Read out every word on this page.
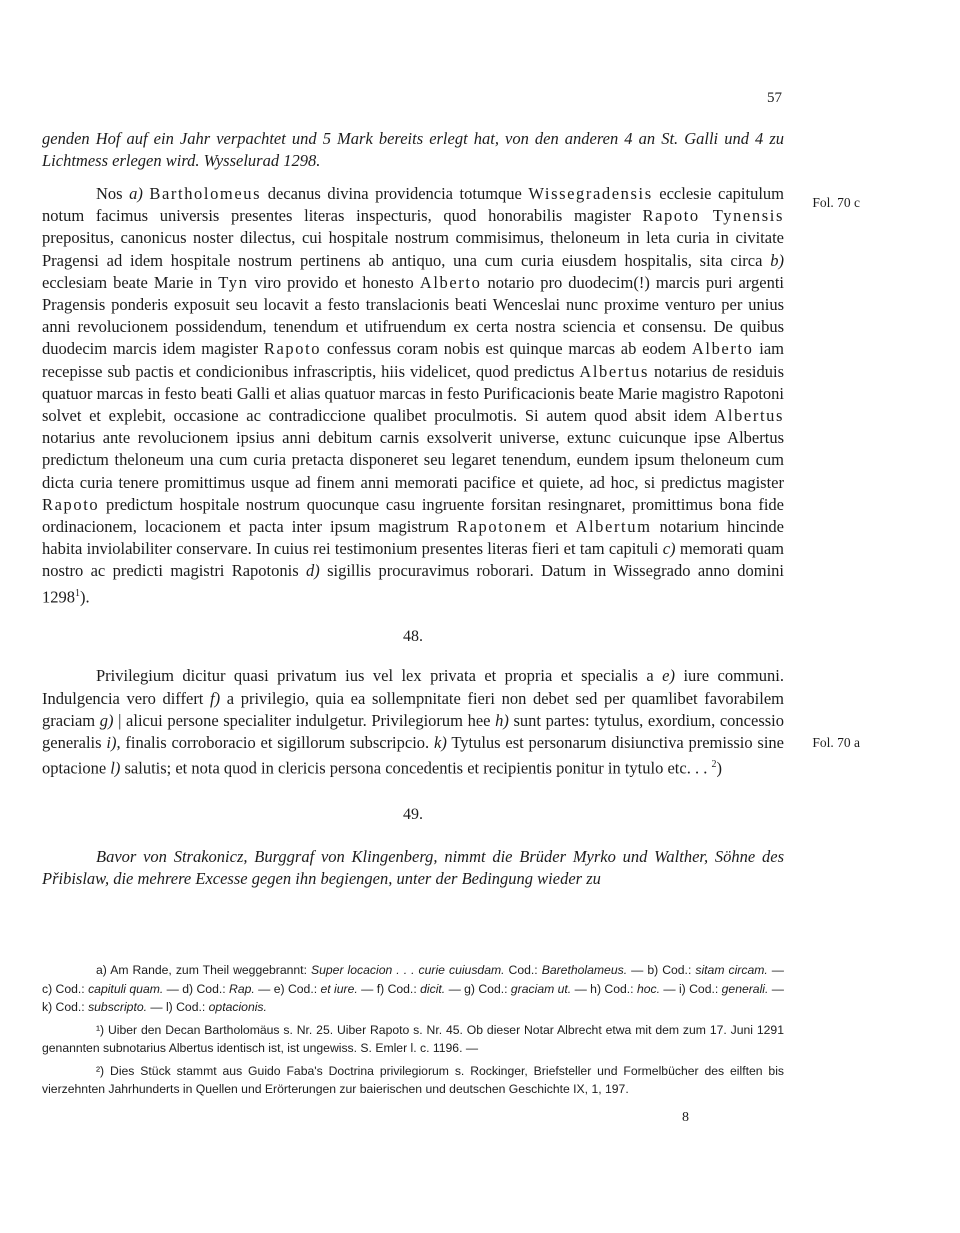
57
Fol. 70 c
Fol. 70 a

genden Hof auf ein Jahr verpachtet und 5 Mark bereits erlegt hat, von den anderen 4 an St. Galli und 4 zu Lichtmess erlegen wird. Wysselurad 1298.

Nos a) Bartholomeus decanus divina providencia totumque Wissegradensis ecclesie capitulum notum facimus universis presentes literas inspecturis, quod honorabilis magister Rapoto Tynensis prepositus, canonicus noster dilectus, cui hospitale nostrum commisimus, theloneum in leta curia in civitate Pragensi ad idem hospitale nostrum pertinens ab antiquo, una cum curia eiusdem hospitalis, sita circa b) ecclesiam beate Marie in Tyn viro provido et honesto Alberto notario pro duodecim(!) marcis puri argenti Pragensis ponderis exposuit seu locavit a festo translacionis beati Wenceslai nunc proxime venturo per unius anni revolucionem possidendum, tenendum et utifruendum ex certa nostra sciencia et consensu. De quibus duodecim marcis idem magister Rapoto confessus coram nobis est quinque marcas ab eodem Alberto iam recepisse sub pactis et condicionibus infrascriptis, hiis videlicet, quod predictus Albertus notarius de residuis quatuor marcas in festo beati Galli et alias quatuor marcas in festo Purificacionis beate Marie magistro Rapotoni solvet et explebit, occasione ac contradiccione qualibet proculmotis. Si autem quod absit idem Albertus notarius ante revolucionem ipsius anni debitum carnis exsolverit universe, extunc cuicunque ipse Albertus predictum theloneum una cum curia pretacta disponeret seu legaret tenendum, eundem ipsum theloneum cum dicta curia tenere promittimus usque ad finem anni memorati pacifice et quiete, ad hoc, si predictus magister Rapoto predictum hospitale nostrum quocunque casu ingruente forsitan resingnaret, promittimus bona fide ordinacionem, locacionem et pacta inter ipsum magistrum Rapotonem et Albertum notarium hincinde habita inviolabiliter conservare. In cuius rei testimonium presentes literas fieri et tam capituli c) memorati quam nostro ac predicti magistri Rapotonis d) sigillis procuravimus roborari. Datum in Wissegrado anno domini 1298$^1$).

48.

Privilegium dicitur quasi privatum ius vel lex privata et propria et specialis a e) iure communi. Indulgencia vero differt f) a privilegio, quia ea sollempnitate fieri non debet sed per quamlibet favorabilem graciam g) | alicui persone specialiter indulgetur. Privilegiorum hee h) sunt partes: tytulus, exordium, concessio generalis i), finalis corroboracio et sigillorum subscripcio. k) Tytulus est personarum disiunctiva premissio sine optacione l) salutis; et nota quod in clericis persona concedentis et recipientis ponitur in tytulo etc. . . $^2$)

49.

Bavor von Strakonicz, Burggraf von Klingenberg, nimmt die Brüder Myrko und Walther, Söhne des Přibislaw, die mehrere Excesse gegen ihn begiengen, unter der Bedingung wieder zu

a) Am Rande, zum Theil weggebrannt: Super locacion . . . curie cuiusdam. Cod.: Baretholameus. — b) Cod.: sitam circam. — c) Cod.: capituli quam. — d) Cod.: Rap. — e) Cod.: et iure. — f) Cod.: dicit. — g) Cod.: graciam ut. — h) Cod.: hoc. — i) Cod.: generali. — k) Cod.: subscripto. — l) Cod.: optacionis.

¹) Uiber den Decan Bartholomäus s. Nr. 25. Uiber Rapoto s. Nr. 45. Ob dieser Notar Albrecht etwa mit dem zum 17. Juni 1291 genannten subnotarius Albertus identisch ist, ist ungewiss. S. Emler l. c. 1196. —

²) Dies Stück stammt aus Guido Faba's Doctrina privilegiorum s. Rockinger, Briefsteller und Formelbücher des eilften bis vierzehnten Jahrhunderts in Quellen und Erörterungen zur baierischen und deutschen Geschichte IX, 1, 197.

8
